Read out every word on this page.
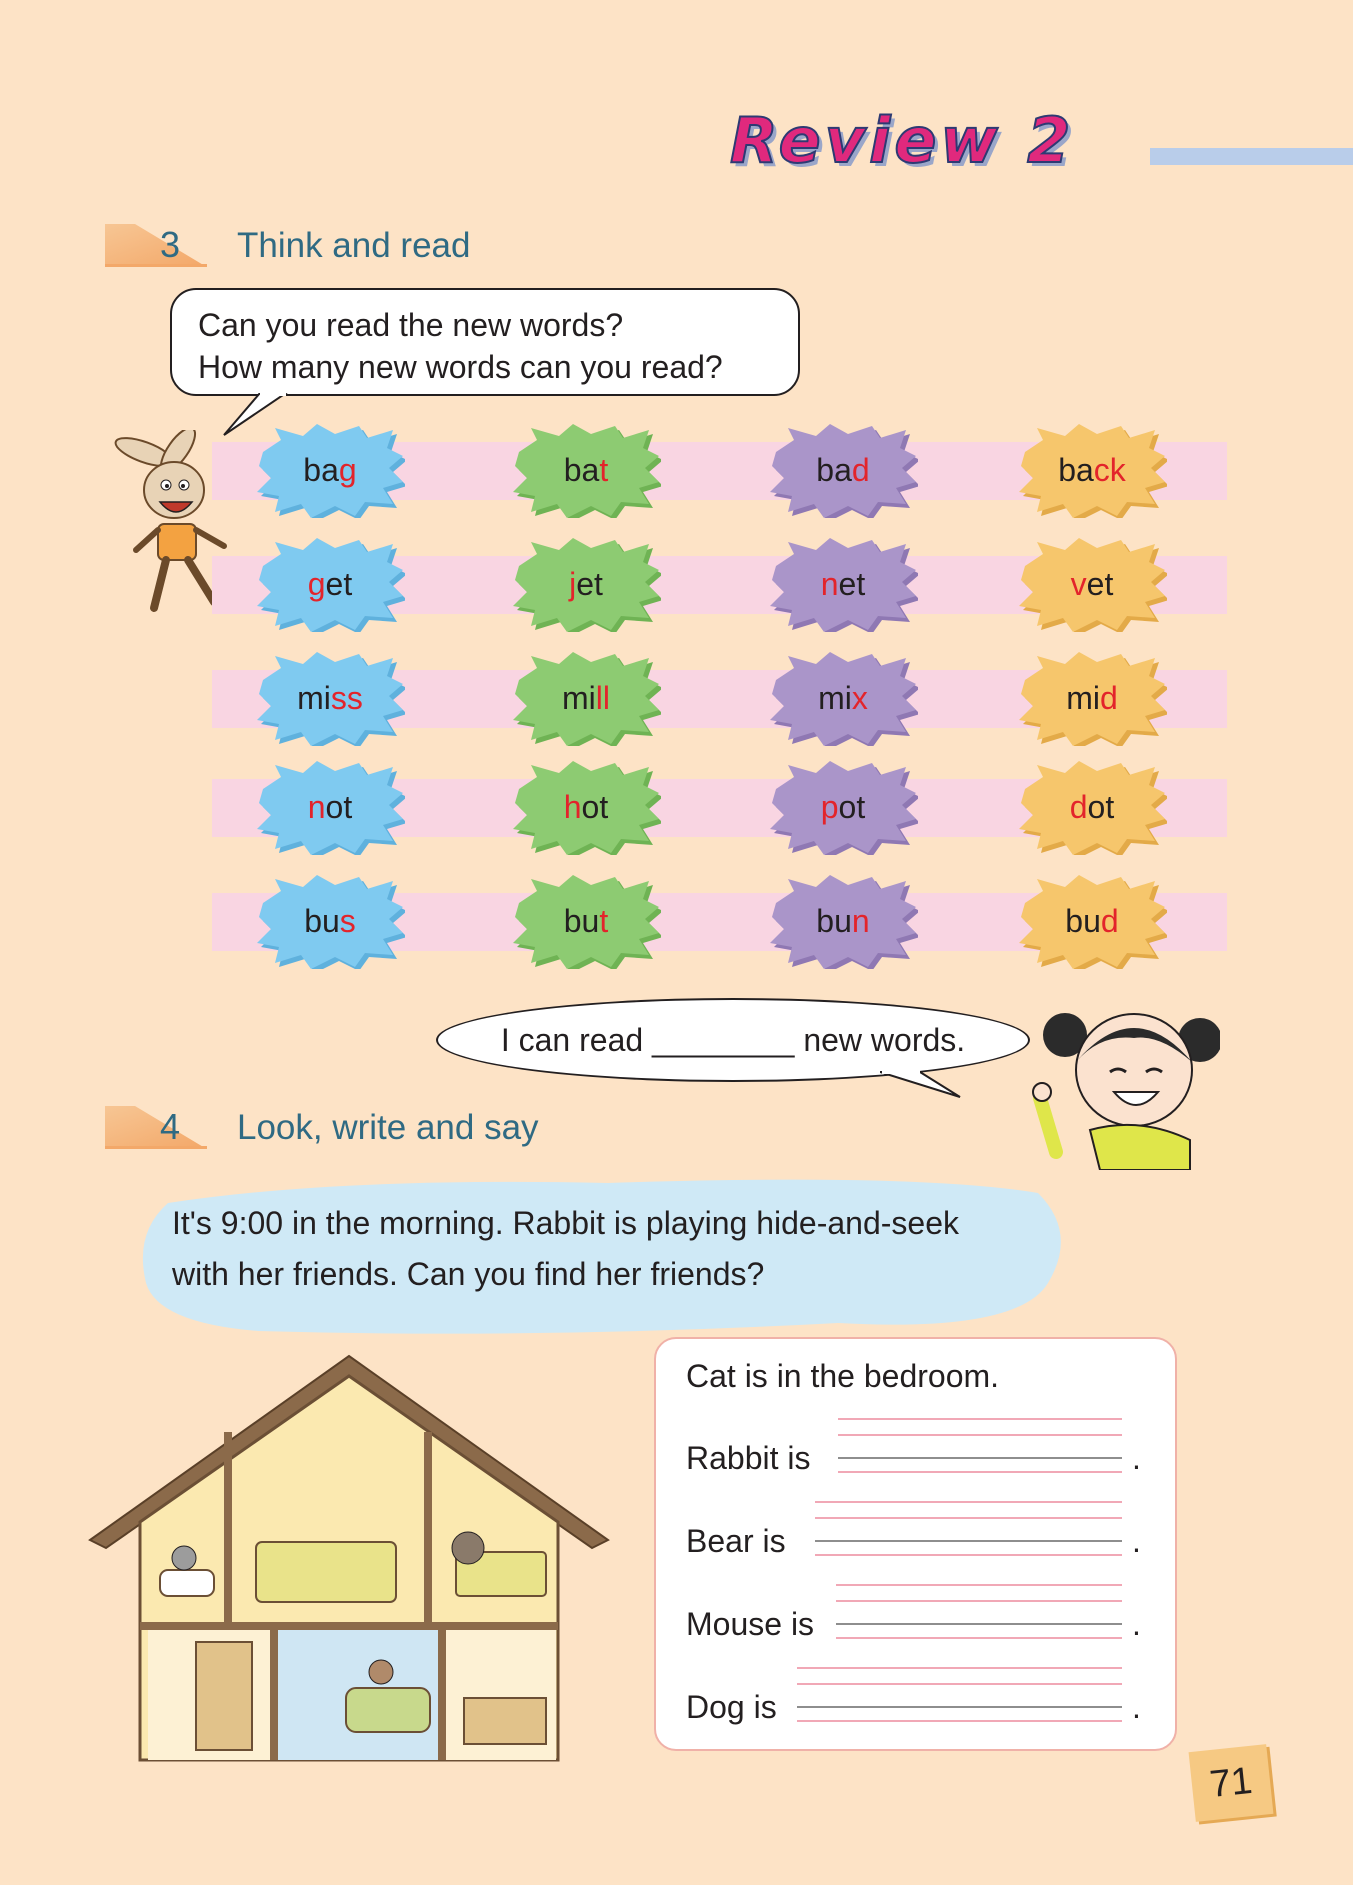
Review 2
3 Think and read
Can you read the new words?
How many new words can you read?
bag	bat	bad	back
get	jet	net	vet
miss	mill	mix	mid
not	hot	pot	dot
bus	but	bun	bud
I can read ________ new words.
4 Look, write and say
It's 9:00 in the morning. Rabbit is playing hide-and-seek
with her friends. Can you find her friends?
Cat is in the bedroom.
Rabbit is	.
Bear is	.
Mouse is	.
Dog is	.
71
